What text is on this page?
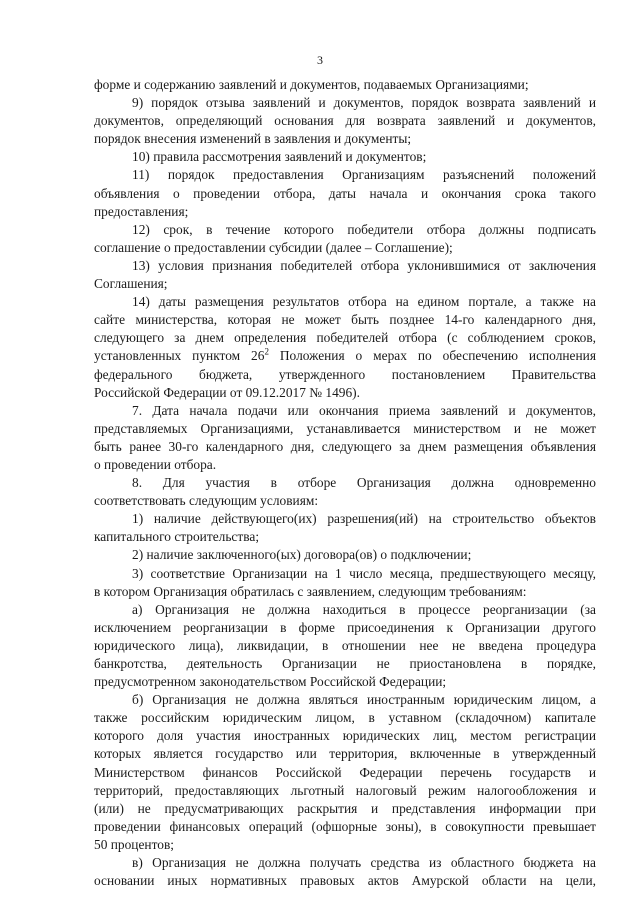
3
форме и содержанию заявлений и документов, подаваемых Организациями;
9) порядок отзыва заявлений и документов, порядок возврата заявлений и
документов, определяющий основания для возврата заявлений и документов,
порядок внесения изменений в заявления и документы;
10) правила рассмотрения заявлений и документов;
11) порядок предоставления Организациям разъяснений положений
объявления о проведении отбора, даты начала и окончания срока такого
предоставления;
12) срок, в течение которого победители отбора должны подписать
соглашение о предоставлении субсидии (далее – Соглашение);
13) условия признания победителей отбора уклонившимися от заключения
Соглашения;
14) даты размещения результатов отбора на едином портале, а также на
сайте министерства, которая не может быть позднее 14-го календарного дня,
следующего за днем определения победителей отбора (с соблюдением сроков,
установленных пунктом $26^2$ Положения о мерах по обеспечению исполнения
федерального бюджета, утвержденного постановлением Правительства
Российской Федерации от 09.12.2017 № 1496).
7. Дата начала подачи или окончания приема заявлений и документов,
представляемых Организациями, устанавливается министерством и не может
быть ранее 30-го календарного дня, следующего за днем размещения объявления
о проведении отбора.
8. Для участия в отборе Организация должна одновременно
соответствовать следующим условиям:
1) наличие действующего(их) разрешения(ий) на строительство объектов
капитального строительства;
2) наличие заключенного(ых) договора(ов) о подключении;
3) соответствие Организации на 1 число месяца, предшествующего месяцу,
в котором Организация обратилась с заявлением, следующим требованиям:
а) Организация не должна находиться в процессе реорганизации (за
исключением реорганизации в форме присоединения к Организации другого
юридического лица), ликвидации, в отношении нее не введена процедура
банкротства, деятельность Организации не приостановлена в порядке,
предусмотренном законодательством Российской Федерации;
б) Организация не должна являться иностранным юридическим лицом, а
также российским юридическим лицом, в уставном (складочном) капитале
которого доля участия иностранных юридических лиц, местом регистрации
которых является государство или территория, включенные в утвержденный
Министерством финансов Российской Федерации перечень государств и
территорий, предоставляющих льготный налоговый режим налогообложения и
(или) не предусматривающих раскрытия и представления информации при
проведении финансовых операций (офшорные зоны), в совокупности превышает
50 процентов;
в) Организация не должна получать средства из областного бюджета на
основании иных нормативных правовых актов Амурской области на цели,
